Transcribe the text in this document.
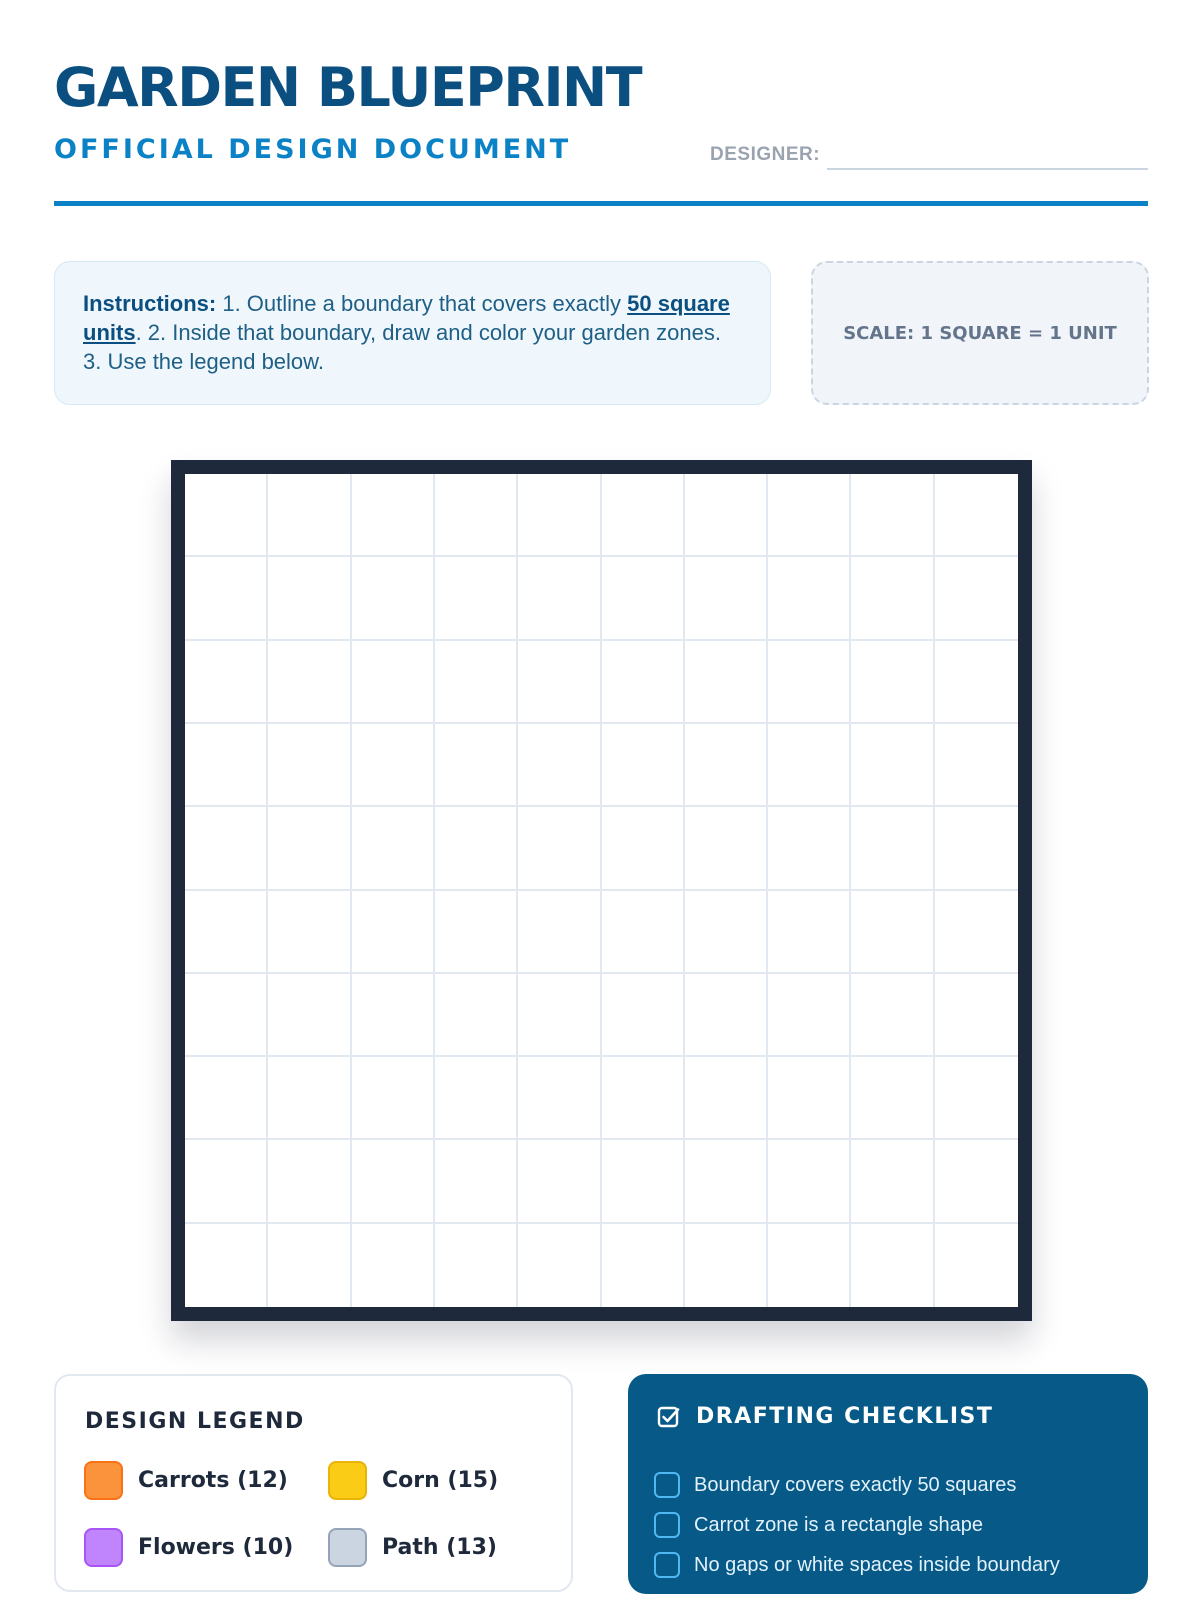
GARDEN BLUEPRINT
OFFICIAL DESIGN DOCUMENT	DESIGNER:
Instructions: 1. Outline a boundary that covers exactly 50 square units. 2. Inside that boundary, draw and color your garden zones. 3. Use the legend below.
SCALE: 1 SQUARE = 1 UNIT
DESIGN LEGEND
Carrots (12)	Corn (15)
Flowers (10)	Path (13)
DRAFTING CHECKLIST
Boundary covers exactly 50 squares
Carrot zone is a rectangle shape
No gaps or white spaces inside boundary
